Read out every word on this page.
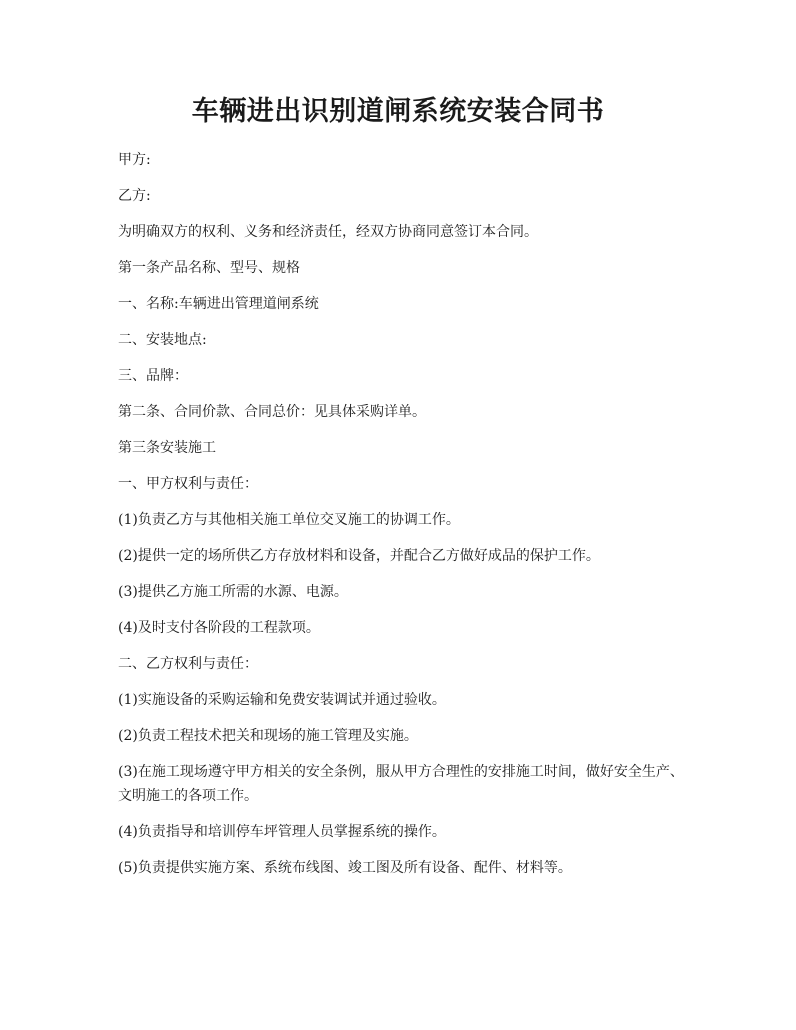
车辆进出识别道闸系统安装合同书
甲方:
乙方:
为明确双方的权利、义务和经济责任，经双方协商同意签订本合同。
第一条产品名称、型号、规格
一、名称:车辆进出管理道闸系统
二、安装地点:
三、品牌：
第二条、合同价款、合同总价：见具体采购详单。
第三条安装施工
一、甲方权利与责任：
(1)负责乙方与其他相关施工单位交叉施工的协调工作。
(2)提供一定的场所供乙方存放材料和设备，并配合乙方做好成品的保护工作。
(3)提供乙方施工所需的水源、电源。
(4)及时支付各阶段的工程款项。
二、乙方权利与责任：
(1)实施设备的采购运输和免费安装调试并通过验收。
(2)负责工程技术把关和现场的施工管理及实施。
(3)在施工现场遵守甲方相关的安全条例，服从甲方合理性的安排施工时间，做好安全生产、文明施工的各项工作。
(4)负责指导和培训停车坪管理人员掌握系统的操作。
(5)负责提供实施方案、系统布线图、竣工图及所有设备、配件、材料等。
